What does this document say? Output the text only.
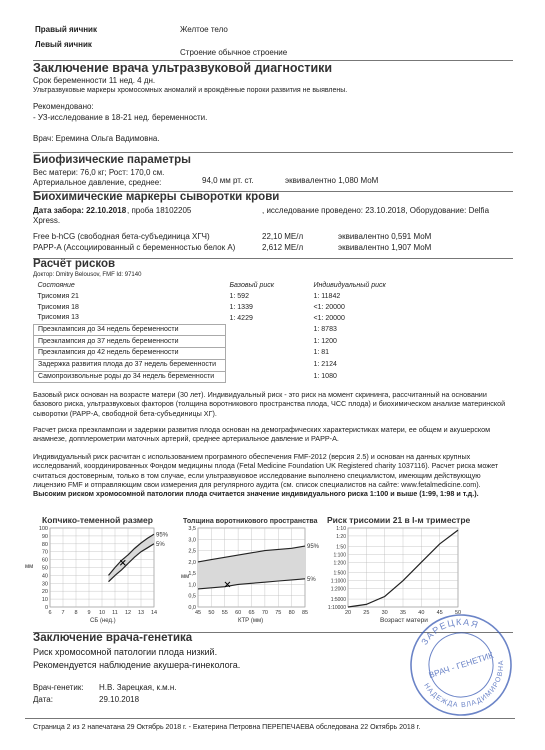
Правый яичник	Желтое тело
Левый яичник
Строение обычное строение
Заключение врача ультразвуковой диагностики
Срок беременности 11 нед. 4 дн.
Ультразвуковые маркеры хромосомных аномалий и врождённые пороки развития не выявлены.
Рекомендовано:
- УЗ-исследование в 18-21 нед. беременности.
Врач: Еремина Ольга Вадимовна.
Биофизические параметры
Вес матери: 76,0 кг; Рост: 170,0 см.
Артериальное давление, среднее:	94,0 мм рт. ст.	эквивалентно 1,080 МоМ
Биохимические маркеры сыворотки крови
Дата забора: 22.10.2018 , проба 18102205	, исследование проведено: 23.10.2018, Оборудование: Delfia
Xpress.
Free b-hCG (свободная бета-субъединица ХГЧ)	22,10 МЕ/л	эквивалентно 0,591 МоМ
PAPP-A (Ассоциированный с беременностью белок А)	2,612 МЕ/л	эквивалентно 1,907 МоМ
Расчёт рисков
Доктор: Dmitry Belousov, FMF Id: 97140
Состояние	Базовый риск	Индивидуальный риск
Трисомия 21	1: 592	1: 11842
Трисомия 18	1: 1339	<1: 20000
Трисомия 13	1: 4229	<1: 20000
Преэклампсия до 34 недель беременности		1: 8783
Преэклампсия до 37 недель беременности		1: 1200
Преэклампсия до 42 недель беременности		1: 81
Задержка развития плода до 37 недель беременности		1: 2124
Самопроизвольные роды до 34 недель беременности		1: 1080
Базовый риск основан на возрасте матери (30 лет). Индивидуальный риск - это риск на момент скрининга, рассчитанный на основании базового риска, ультразвуковых факторов (толщина воротникового пространства плода, ЧСС плода) и биохимическом анализе материнской сыворотки (PAPP-A, свободной бета-субъединицы ХГ).
Расчет риска преэклампсии и задержки развития плода основан на демографических характеристиках матери, ее общем и акушерском анамнезе, допплерометрии маточных артерий, среднее артериальное давление и PAPP-A.
Индивидуальный риск расчитан с использованием програмного обеспечения FMF-2012 (версия 2.5) и основан на данных крупных исследований, координированных Фондом медицины плода (Fetal Medicine Foundation UK Registered charity 1037116). Расчет риска может считаться достоверным, только в том случае, если ультразвуковое исследование выполнено специалистом, имеющим действующую лицензию FMF и отправляющим свои измерения для регулярного аудита (см. список специалистов на сайте: www.fetalmedicine.com).
Высоким риском хромосомной патологии плода считается значение индивидуального риска 1:100 и выше (1:99, 1:98 и т.д.).
Копчико-теменной размер
мм
100
90
80
70
60
50
40
30
20
10
0
6 7 8 9 10 11 12 13 14
95%
5%
СБ (нед.)
Толщина воротникового пространства
мм
3,5
3,0
2,5
2,0
1,5
1,0
0,5
0,0
45 50 55 60 65 70 75 80 85
95%
5%
КТР (мм)
Риск трисомии 21 в I-м триместре
1:10
1:20
1:50
1:100
1:200
1:500
1:1000
1:2000
1:5000
1:10000
20 25 30 35 40 45 50
Возраст матери
Заключение врача-генетика
Риск хромосомной патологии плода низкий.
Рекомендуется наблюдение акушера-гинеколога.
Врач-генетик: Н.В. Зарецкая, к.м.н.
Дата:	29.10.2018
ЗАРЕЦКАЯ
НАДЕЖДА ВЛАДИМИРОВНА
ВРАЧ - ГЕНЕТИК
Страница 2 из 2 напечатана 29 Октябрь 2018 г. - Екатерина Петровна ПЕРЕПЕЧАЕВА обследована 22 Октябрь 2018 г.
